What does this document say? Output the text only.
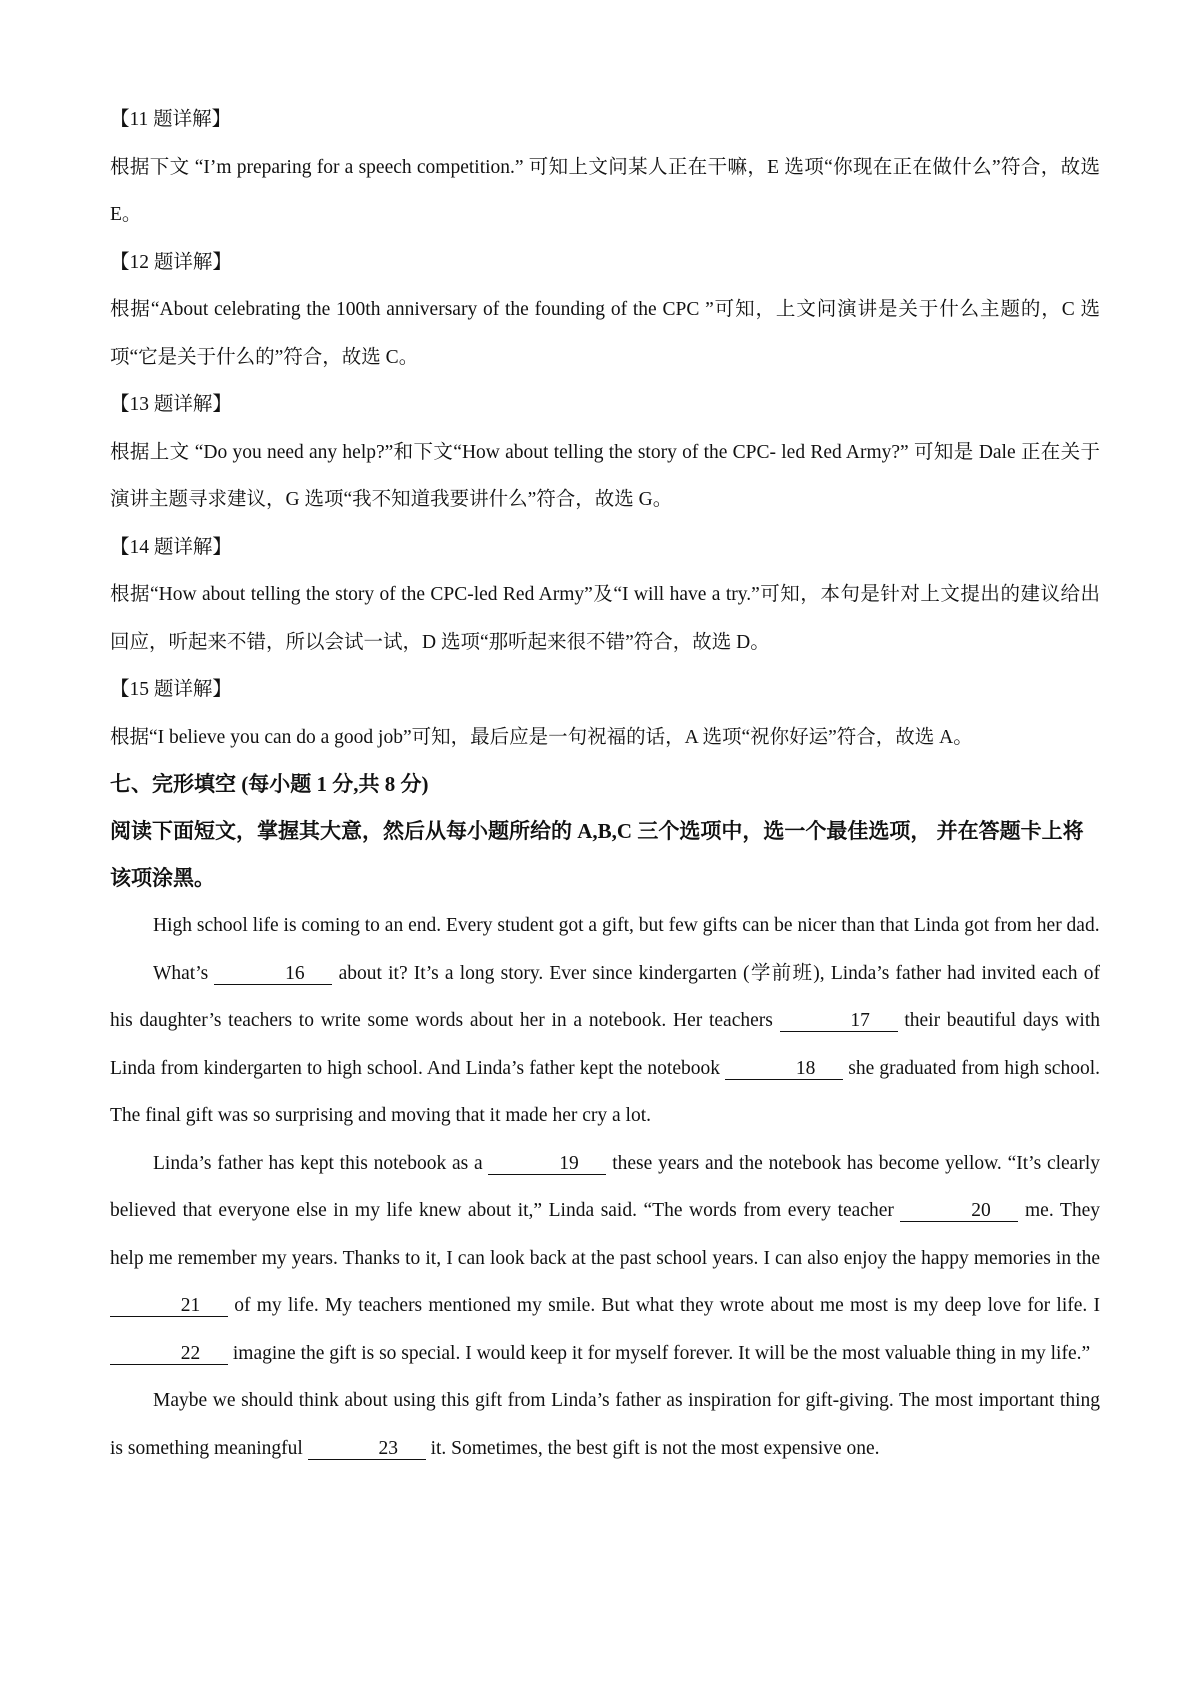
【11 题详解】

根据下文 “I’m preparing for a speech competition.” 可知上文问某人正在干嘛，E 选项“你现在正在做什么”符合，故选 E。

【12 题详解】

根据“About celebrating the 100th anniversary of the founding of the CPC ”可知，上文问演讲是关于什么主题的，C 选项“它是关于什么的”符合，故选 C。

【13 题详解】

根据上文 “Do you need any help?”和下文“How about telling the story of the CPC- led Red Army?” 可知是 Dale 正在关于演讲主题寻求建议，G 选项“我不知道我要讲什么”符合，故选 G。

【14 题详解】

根据“How about telling the story of the CPC-led Red Army”及“I will have a try.”可知，本句是针对上文提出的建议给出回应，听起来不错，所以会试一试，D 选项“那听起来很不错”符合，故选 D。

【15 题详解】

根据“I believe you can do a good job”可知，最后应是一句祝福的话，A 选项“祝你好运”符合，故选 A。

七、完形填空 (每小题 1 分,共 8 分)

阅读下面短文，掌握其大意，然后从每小题所给的 A,B,C 三个选项中，选一个最佳选项， 并在答题卡上将该项涂黑。

High school life is coming to an end. Every student got a gift, but few gifts can be nicer than that Linda got from her dad.

What’s	16 about it? It’s a long story. Ever since kindergarten (学前班), Linda’s father had invited each of his daughter’s teachers to write some words about her in a notebook. Her teachers	17 their beautiful days with Linda from kindergarten to high school. And Linda’s father kept the notebook	18 she graduated from high school. The final gift was so surprising and moving that it made her cry a lot.

Linda’s father has kept this notebook as a	19 these years and the notebook has become yellow. “It’s clearly believed that everyone else in my life knew about it,” Linda said. “The words from every teacher	20 me. They help me remember my years. Thanks to it, I can look back at the past school years. I can also enjoy the happy memories in the 21 of my life. My teachers mentioned my smile. But what they wrote about me most is my deep love for life. I 22 imagine the gift is so special. I would keep it for myself forever. It will be the most valuable thing in my life.”

Maybe we should think about using this gift from Linda’s father as inspiration for gift-giving. The most important thing is something meaningful	23 it. Sometimes, the best gift is not the most expensive one.
